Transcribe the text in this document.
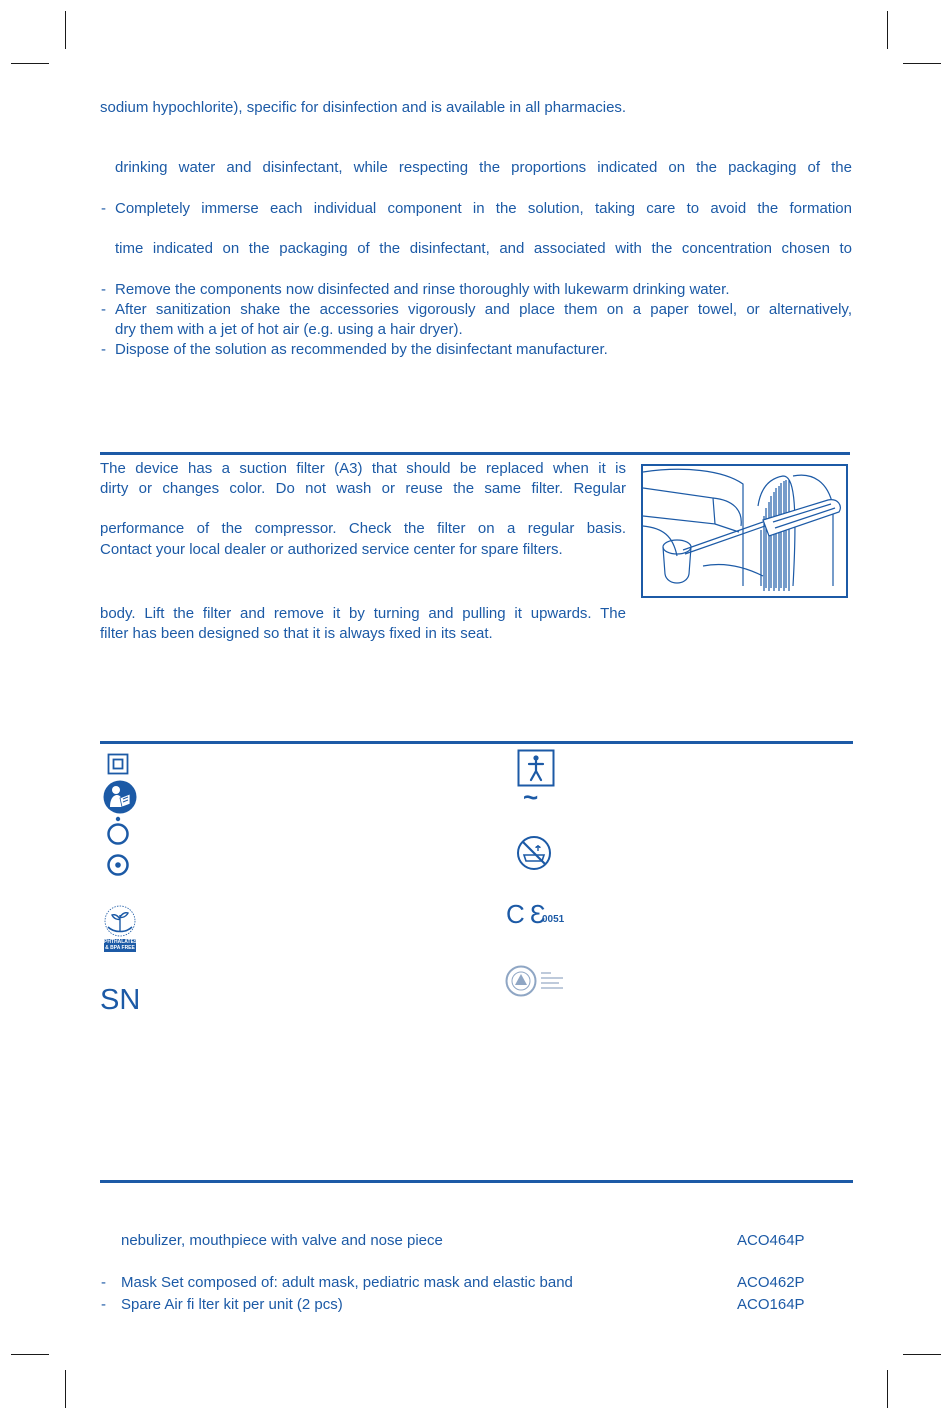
sodium hypochlorite), specific for disinfection and is available in all pharmacies.
drinking water and disinfectant, while respecting the proportions indicated on the packaging of the
- Completely immerse each individual component in the solution, taking care to avoid the formation
time indicated on the packaging of the disinfectant, and associated with the concentration chosen to
- Remove the components now disinfected and rinse thoroughly with lukewarm drinking water.
- After sanitization shake the accessories vigorously and place them on a paper towel, or alternatively,
dry them with a jet of hot air (e.g. using a hair dryer).
- Dispose of the solution as recommended by the disinfectant manufacturer.
The device has a suction filter (A3) that should be replaced when it is
dirty or changes color. Do not wash or reuse the same filter. Regular
performance of the compressor. Check the filter on a regular basis.
Contact your local dealer or authorized service center for spare filters.
body. Lift the filter and remove it by turning and pulling it upwards. The
filter has been designed so that it is always fixed in its seat.
PHTHALATES
& BPA FREE
SN
~
C Ɛ
0051
nebulizer, mouthpiece with valve and nose piece	ACO464P
- Mask Set composed of: adult mask, pediatric mask and elastic band	ACO462P
- Spare Air fi lter kit per unit (2 pcs)	ACO164P
